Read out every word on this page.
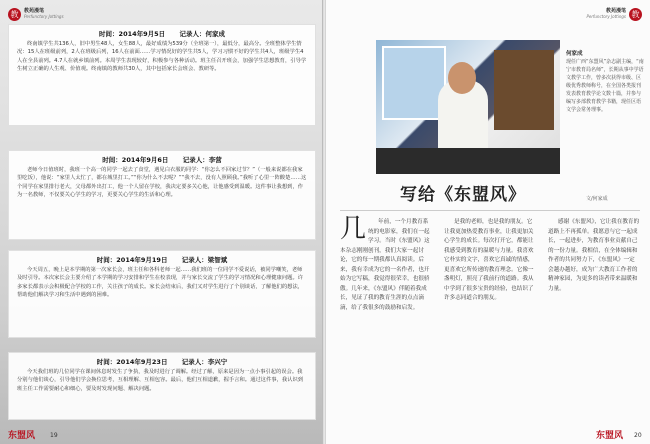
教	教苑漫笔
Perfunctory Jottings
时间：2014年9月5日 记录人：何家成
终南镇学生共136人，旧中男生48人，女生88人，最好成绩为539分（全班第一），最低分，最高分。全班整体学生情况：15人在班级前列，2人在班级后列，16人在前面……学习情况好的学生共5人，学习习惯不好的学生共4人，班级学生4人在全县前列。4.7人在就乡镇前列。本周学生表现较好，积极参与各种活动。班主任召开班会，加强学生思想教育，引导学生树立正确的人生观、价值观。终南镇的教师共30人，其中包括家长会班会、教研等。
时间：2014年9月6日 记录人：李营
老师今日值班时，我班一个高一的同学一起去了食堂，遇见白衣服的同学：“你怎么不回家过节？”（一般来说都在我家里吃饭），他说：“家里人太忙了，都在城里打工。”“你为什么不去呢？”“我不去，没有人照顾我。”我听了心里一阵酸楚……这个同学在家里排行老大，父母都外出打工，他一个人留在学校，我决定要多关心他，让他感受到温暖。这件事让我想到，作为一名教师，不仅要关心学生的学习，更要关心学生的生活和心理。
时间：2014年9月19日 记录人：梁智斌
今天周五，晚上是本学期的第一次家长会，班主任和各科老师一起……我们班的一位同学不爱说话，被同学嘲笑，老师及时引导。本次家长会主要介绍了本学期的学习安排和学生在校表现，并与家长交流了学生的学习情况和心理健康问题。许多家长都表示会积极配合学校的工作，关注孩子的成长。家长会结束后，我们又对学生进行了个别谈话，了解他们的想法，帮助他们解决学习和生活中遇到的困难。
时间：2014年9月23日 记录人：李兴宁
今天我们班的几位同学在课间休息时发生了争执，我及时进行了调解。经过了解，原来是因为一点小事引起的误会。我分别与他们谈心，引导他们学会换位思考，互相理解、互相包容。最后，他们互相道歉，握手言和。通过这件事，我认识到班主任工作需要耐心和细心，要及时发现问题、解决问题。
东盟风 19
教苑漫笔
Perfunctory Jottings 教
何家成
现任广西“东盟风”杂志副主编，“南宁市教育局名师”，长期从事中学语文教学工作，曾多次获得市级、区级优秀教师称号，在全国各类报刊发表教育教学论文数十篇，并参与编写多部教育教学书籍，现任区语文学会常务理事。
写给《东盟风》	文/何家成
几 年前，一个月教育系统的电影家，我们在一起学习。当时《东盟风》这本杂志刚刚创刊，我们大家一起讨论，它的每一期我都认真阅读。后来，我有幸成为它的一名作者，也开始为它写稿，我觉得很荣幸，也很骄傲。几年来，《东盟风》伴随着我成长，见证了我的教育生涯的点点滴滴，给了我很多的鼓励和启发。
是我的老师，也是我的朋友。它让我更加热爱教育事业，让我更加关心学生的成长。每次打开它，都能让我感受到教育的温暖与力量。我喜欢它朴实的文字，喜欢它真诚的情感，更喜欢它所传递的教育理念。它像一盏明灯，照亮了我前行的道路。我从中学到了很多宝贵的经验，也结识了许多志同道合的朋友。
感谢《东盟风》，它让我在教育的道路上不再孤单。我愿意与它一起成长，一起进步，为教育事业贡献自己的一份力量。我相信，在全体编辑和作者的共同努力下，《东盟风》一定会越办越好，成为广大教育工作者的精神家园，为更多的读者带来温暖和力量。
东盟风 20
